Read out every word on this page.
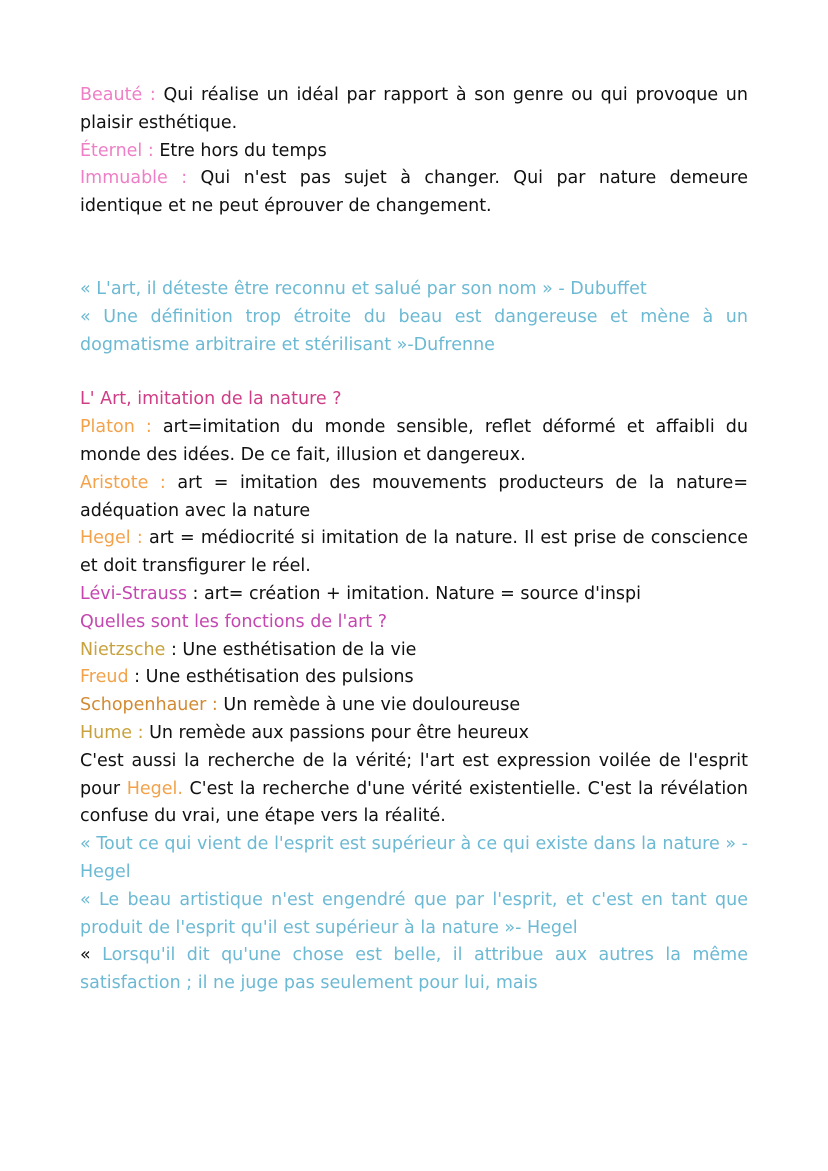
Beauté : Qui réalise un idéal par rapport à son genre ou qui provoque un plaisir esthétique.

Éternel : Etre hors du temps

Immuable : Qui n'est pas sujet à changer. Qui par nature demeure identique et ne peut éprouver de changement.

« L'art, il déteste être reconnu et salué par son nom » - Dubuffet

« Une définition trop étroite du beau est dangereuse et mène à un dogmatisme arbitraire et stérilisant »-Dufrenne

L' Art, imitation de la nature ?

Platon : art=imitation du monde sensible, reflet déformé et affaibli du monde des idées. De ce fait, illusion et dangereux.

Aristote : art = imitation des mouvements producteurs de la nature= adéquation avec la nature

Hegel : art = médiocrité si imitation de la nature. Il est prise de conscience et doit transfigurer le réel.

Lévi-Strauss : art= création + imitation. Nature = source d'inspi

Quelles sont les fonctions de l'art ?

Nietzsche : Une esthétisation de la vie

Freud : Une esthétisation des pulsions

Schopenhauer : Un remède à une vie douloureuse

Hume : Un remède aux passions pour être heureux

C'est aussi la recherche de la vérité; l'art est expression voilée de l'esprit pour Hegel. C'est la recherche d'une vérité existentielle. C'est la révélation confuse du vrai, une étape vers la réalité.

« Tout ce qui vient de l'esprit est supérieur à ce qui existe dans la nature » -Hegel

« Le beau artistique n'est engendré que par l'esprit, et c'est en tant que produit de l'esprit qu'il est supérieur à la nature »- Hegel

« Lorsqu'il dit qu'une chose est belle, il attribue aux autres la même satisfaction ; il ne juge pas seulement pour lui, mais
